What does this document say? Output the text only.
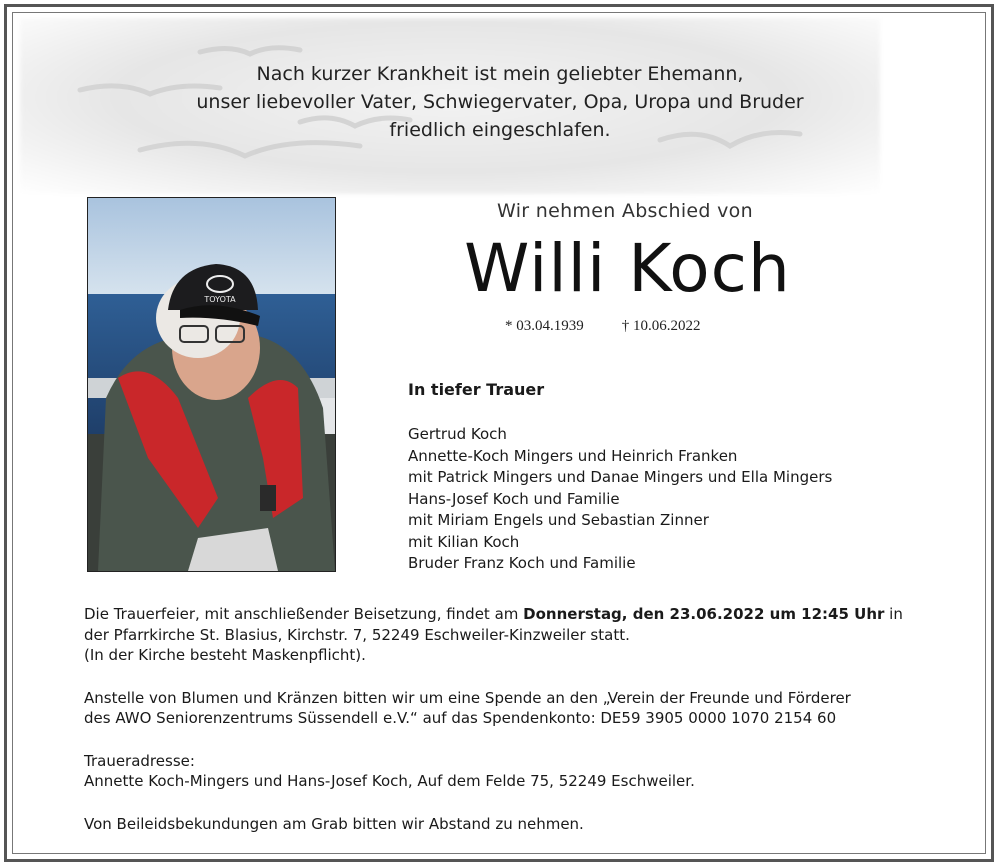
Nach kurzer Krankheit ist mein geliebter Ehemann,
unser liebevoller Vater, Schwiegervater, Opa, Uropa und Bruder
friedlich eingeschlafen.
TOYOTA
Wir nehmen Abschied von
Willi Koch
* 03.04.1939	† 10.06.2022
In tiefer Trauer
Gertrud Koch
Annette-Koch Mingers und Heinrich Franken
mit Patrick Mingers und Danae Mingers und Ella Mingers
Hans-Josef Koch und Familie
mit Miriam Engels und Sebastian Zinner
mit Kilian Koch
Bruder Franz Koch und Familie

Die Trauerfeier, mit anschließender Beisetzung, findet am Donnerstag, den 23.06.2022 um 12:45 Uhr in
der Pfarrkirche St. Blasius, Kirchstr. 7, 52249 Eschweiler-Kinzweiler statt.
(In der Kirche besteht Maskenpflicht).

Anstelle von Blumen und Kränzen bitten wir um eine Spende an den „Verein der Freunde und Förderer
des AWO Seniorenzentrums Süssendell e.V.“ auf das Spendenkonto: DE59 3905 0000 1070 2154 60

Traueradresse:
Annette Koch-Mingers und Hans-Josef Koch, Auf dem Felde 75, 52249 Eschweiler.

Von Beileidsbekundungen am Grab bitten wir Abstand zu nehmen.
